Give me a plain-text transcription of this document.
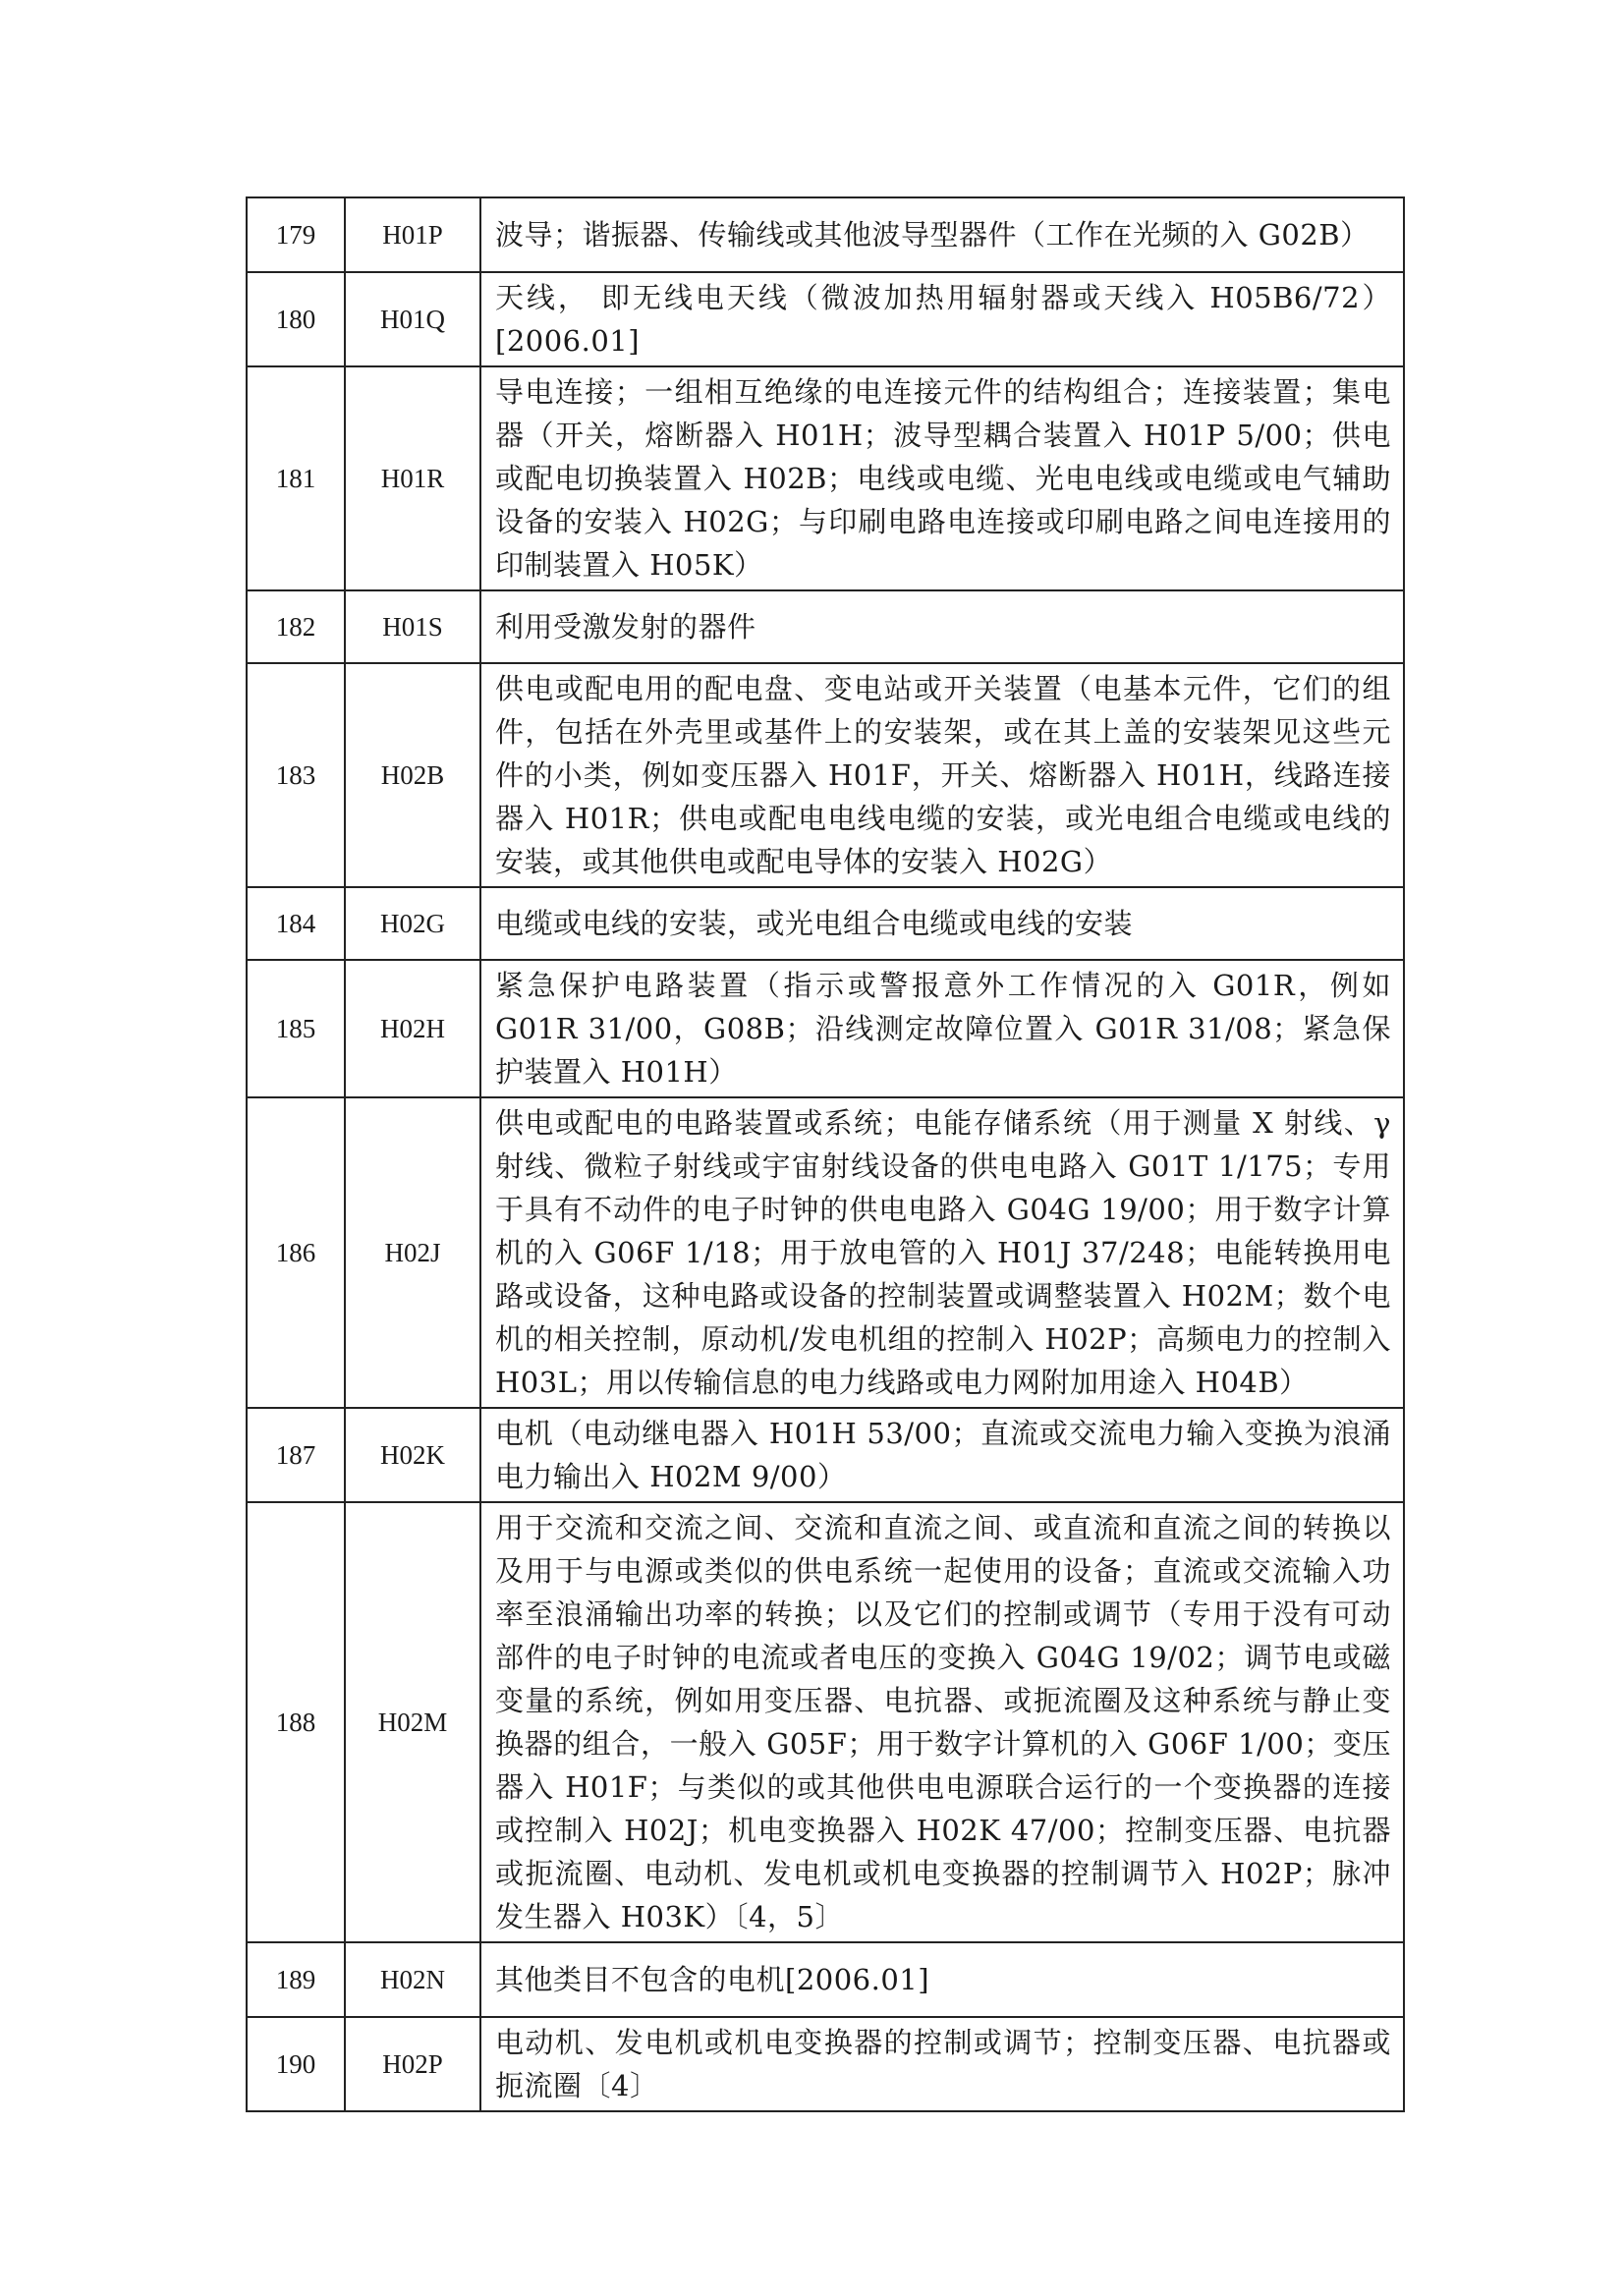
179	H01P	波导；谐振器、传输线或其他波导型器件（工作在光频的入 G02B）
180	H01Q	天线， 即无线电天线（微波加热用辐射器或天线入 H05B6/72）[2006.01]
181	H01R	导电连接；一组相互绝缘的电连接元件的结构组合；连接装置；集电器（开关，熔断器入 H01H；波导型耦合装置入 H01P 5/00；供电或配电切换装置入 H02B；电线或电缆、光电电线或电缆或电气辅助设备的安装入 H02G；与印刷电路电连接或印刷电路之间电连接用的印制装置入 H05K）
182	H01S	利用受激发射的器件
183	H02B	供电或配电用的配电盘、变电站或开关装置（电基本元件，它们的组件，包括在外壳里或基件上的安装架，或在其上盖的安装架见这些元件的小类，例如变压器入 H01F，开关、熔断器入 H01H，线路连接器入 H01R；供电或配电电线电缆的安装，或光电组合电缆或电线的安装，或其他供电或配电导体的安装入 H02G）
184	H02G	电缆或电线的安装，或光电组合电缆或电线的安装
185	H02H	紧急保护电路装置（指示或警报意外工作情况的入 G01R，例如 G01R 31/00，G08B；沿线测定故障位置入 G01R 31/08；紧急保护装置入 H01H）
186	H02J	供电或配电的电路装置或系统；电能存储系统（用于测量 X 射线、γ射线、微粒子射线或宇宙射线设备的供电电路入 G01T 1/175；专用于具有不动件的电子时钟的供电电路入 G04G 19/00；用于数字计算机的入 G06F 1/18；用于放电管的入 H01J 37/248；电能转换用电路或设备，这种电路或设备的控制装置或调整装置入 H02M；数个电机的相关控制，原动机/发电机组的控制入 H02P；高频电力的控制入 H03L；用以传输信息的电力线路或电力网附加用途入 H04B）
187	H02K	电机（电动继电器入 H01H 53/00；直流或交流电力输入变换为浪涌电力输出入 H02M 9/00）
188	H02M	用于交流和交流之间、交流和直流之间、或直流和直流之间的转换以及用于与电源或类似的供电系统一起使用的设备；直流或交流输入功率至浪涌输出功率的转换；以及它们的控制或调节（专用于没有可动部件的电子时钟的电流或者电压的变换入 G04G 19/02；调节电或磁变量的系统，例如用变压器、电抗器、或扼流圈及这种系统与静止变换器的组合，一般入 G05F；用于数字计算机的入 G06F 1/00；变压器入 H01F；与类似的或其他供电电源联合运行的一个变换器的连接或控制入 H02J；机电变换器入 H02K 47/00；控制变压器、电抗器或扼流圈、电动机、发电机或机电变换器的控制调节入 H02P；脉冲发生器入 H03K）〔4，5〕
189	H02N	其他类目不包含的电机[2006.01]
190	H02P	电动机、发电机或机电变换器的控制或调节；控制变压器、电抗器或扼流圈〔4〕
